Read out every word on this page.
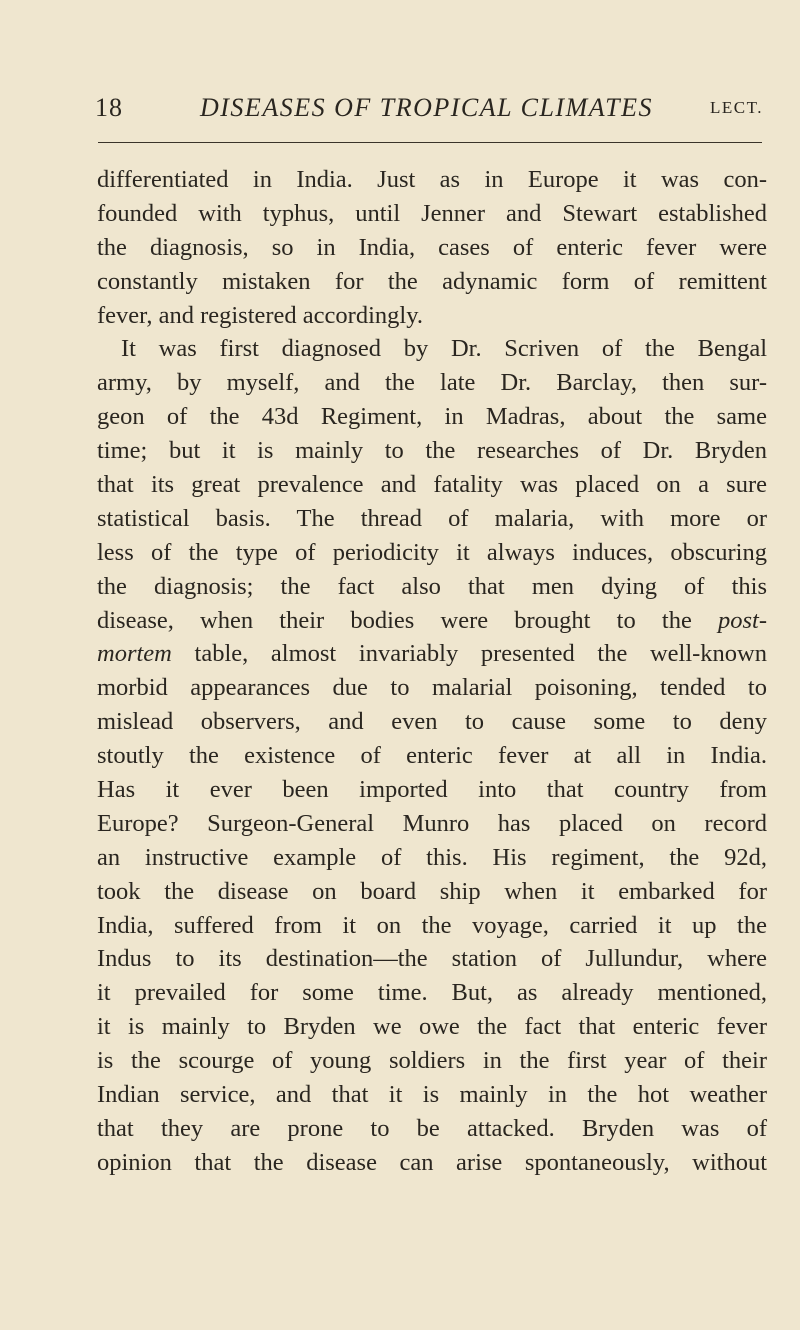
18	DISEASES OF TROPICAL CLIMATES	LECT.
differentiated in India. Just as in Europe it was con-
founded with typhus, until Jenner and Stewart established
the diagnosis, so in India, cases of enteric fever were
constantly mistaken for the adynamic form of remittent
fever, and registered accordingly.
It was first diagnosed by Dr. Scriven of the Bengal
army, by myself, and the late Dr. Barclay, then sur-
geon of the 43d Regiment, in Madras, about the same
time; but it is mainly to the researches of Dr. Bryden
that its great prevalence and fatality was placed on a sure
statistical basis. The thread of malaria, with more or
less of the type of periodicity it always induces, obscuring
the diagnosis; the fact also that men dying of this
disease, when their bodies were brought to the post-
mortem table, almost invariably presented the well-known
morbid appearances due to malarial poisoning, tended to
mislead observers, and even to cause some to deny
stoutly the existence of enteric fever at all in India.
Has it ever been imported into that country from
Europe? Surgeon-General Munro has placed on record
an instructive example of this. His regiment, the 92d,
took the disease on board ship when it embarked for
India, suffered from it on the voyage, carried it up the
Indus to its destination—the station of Jullundur, where
it prevailed for some time. But, as already mentioned,
it is mainly to Bryden we owe the fact that enteric fever
is the scourge of young soldiers in the first year of their
Indian service, and that it is mainly in the hot weather
that they are prone to be attacked. Bryden was of
opinion that the disease can arise spontaneously, without
